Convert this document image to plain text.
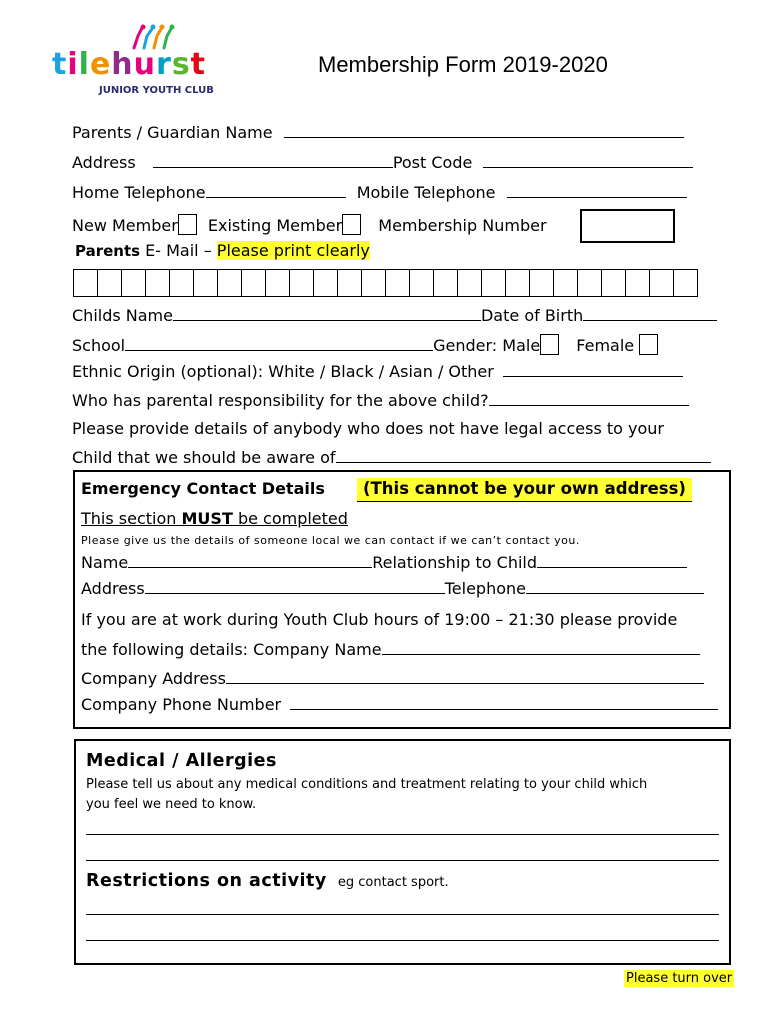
tilehurst
JUNIOR YOUTH CLUB
Membership Form 2019-2020
Parents / Guardian Name
Address	Post Code
Home Telephone	Mobile Telephone
New Member Existing Member Membership Number
Parents E- Mail – Please print clearly
Childs Name	Date of Birth
School	Gender: Male Female
Ethnic Origin (optional): White / Black / Asian / Other
Who has parental responsibility for the above child?
Please provide details of anybody who does not have legal access to your
Child that we should be aware of
Emergency Contact Details	(This cannot be your own address)
This section MUST be completed
Please give us the details of someone local we can contact if we can’t contact you.
Name	Relationship to Child
Address	Telephone
If you are at work during Youth Club hours of 19:00 – 21:30 please provide
the following details: Company Name
Company Address
Company Phone Number
Medical / Allergies
Please tell us about any medical conditions and treatment relating to your child which
you feel we need to know.
Restrictions on activity eg contact sport.
Please turn over
